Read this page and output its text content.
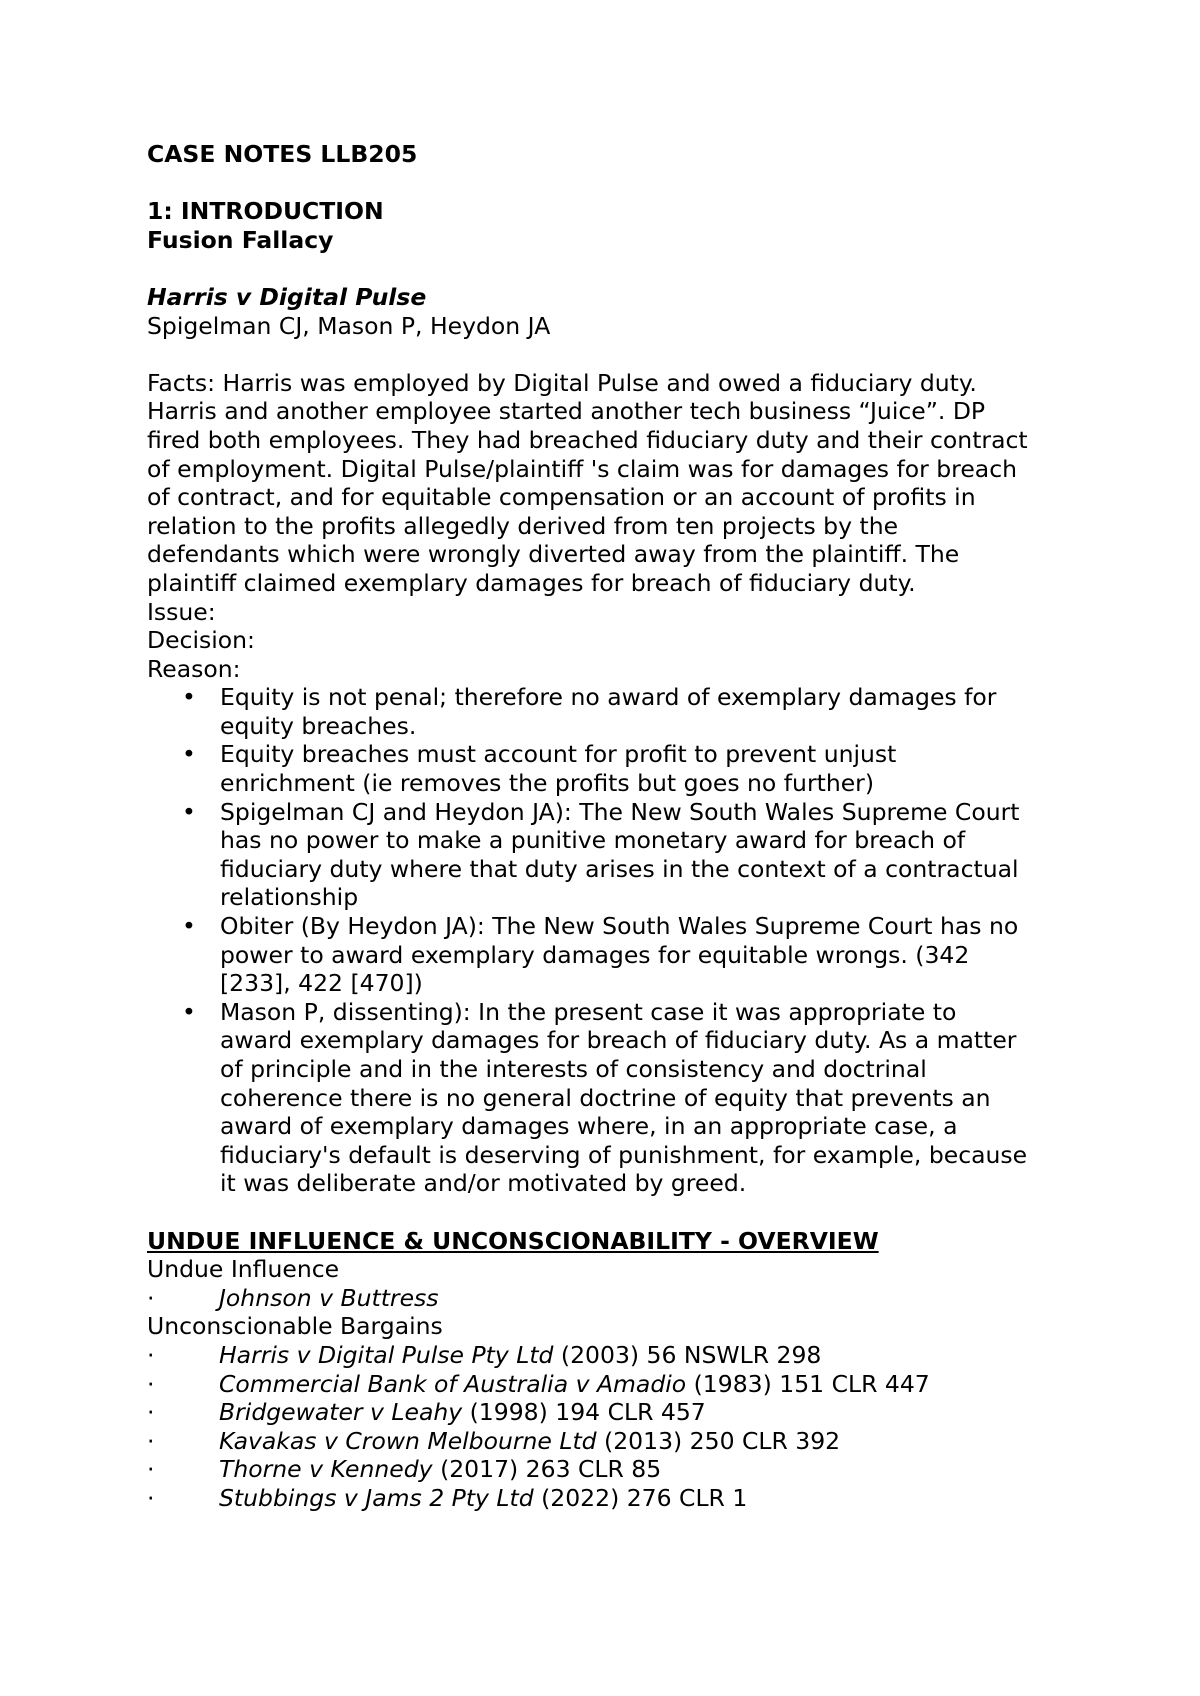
CASE NOTES LLB205
1: INTRODUCTION
Fusion Fallacy
Harris v Digital Pulse
Spigelman CJ, Mason P, Heydon JA
Facts: Harris was employed by Digital Pulse and owed a fiduciary duty.
Harris and another employee started another tech business “Juice”. DP
fired both employees. They had breached fiduciary duty and their contract
of employment. Digital Pulse/plaintiff 's claim was for damages for breach
of contract, and for equitable compensation or an account of profits in
relation to the profits allegedly derived from ten projects by the
defendants which were wrongly diverted away from the plaintiff. The
plaintiff claimed exemplary damages for breach of fiduciary duty.
Issue:
Decision:
Reason:
• Equity is not penal; therefore no award of exemplary damages for
equity breaches.
• Equity breaches must account for profit to prevent unjust
enrichment (ie removes the profits but goes no further)
• Spigelman CJ and Heydon JA): The New South Wales Supreme Court
has no power to make a punitive monetary award for breach of
fiduciary duty where that duty arises in the context of a contractual
relationship
• Obiter (By Heydon JA): The New South Wales Supreme Court has no
power to award exemplary damages for equitable wrongs. (342
[233], 422 [470])
• Mason P, dissenting): In the present case it was appropriate to
award exemplary damages for breach of fiduciary duty. As a matter
of principle and in the interests of consistency and doctrinal
coherence there is no general doctrine of equity that prevents an
award of exemplary damages where, in an appropriate case, a
fiduciary's default is deserving of punishment, for example, because
it was deliberate and/or motivated by greed.
UNDUE INFLUENCE & UNCONSCIONABILITY - OVERVIEW
Undue Influence
·	Johnson v Buttress
Unconscionable Bargains
·	Harris v Digital Pulse Pty Ltd (2003) 56 NSWLR 298
·	Commercial Bank of Australia v Amadio (1983) 151 CLR 447
·	Bridgewater v Leahy (1998) 194 CLR 457
·	Kavakas v Crown Melbourne Ltd (2013) 250 CLR 392
·	Thorne v Kennedy (2017) 263 CLR 85
·	Stubbings v Jams 2 Pty Ltd (2022) 276 CLR 1
